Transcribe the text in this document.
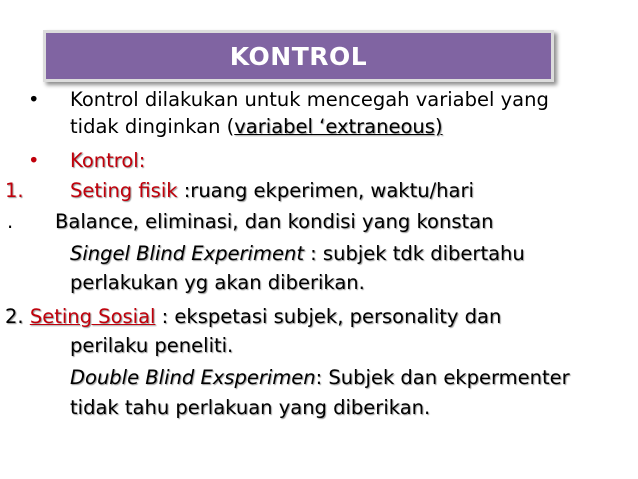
KONTROL
• Kontrol dilakukan untuk mencegah variabel yang
tidak dinginkan (variabel ‘extraneous)
• Kontrol:
1. Seting fisik :ruang ekperimen, waktu/hari
. Balance, eliminasi, dan kondisi yang konstan
Singel Blind Experiment : subjek tdk dibertahu
perlakukan yg akan diberikan.
2. Seting Sosial : ekspetasi subjek, personality dan
perilaku peneliti.
Double Blind Exsperimen: Subjek dan ekpermenter
tidak tahu perlakuan yang diberikan.
